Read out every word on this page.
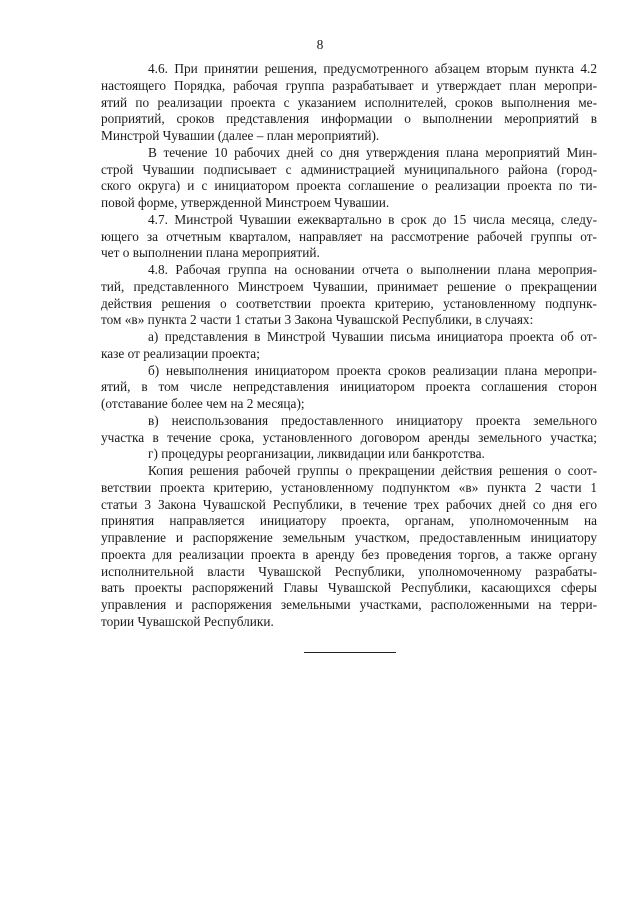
8
4.6. При принятии решения, предусмотренного абзацем вторым пункта 4.2
настоящего Порядка, рабочая группа разрабатывает и утверждает план меропри-
ятий по реализации проекта с указанием исполнителей, сроков выполнения ме-
роприятий, сроков представления информации о выполнении мероприятий в
Минстрой Чувашии (далее – план мероприятий).
В течение 10 рабочих дней со дня утверждения плана мероприятий Мин-
строй Чувашии подписывает с администрацией муниципального района (город-
ского округа) и с инициатором проекта соглашение о реализации проекта по ти-
повой форме, утвержденной Минстроем Чувашии.
4.7. Минстрой Чувашии ежеквартально в срок до 15 числа месяца, следу-
ющего за отчетным кварталом, направляет на рассмотрение рабочей группы от-
чет о выполнении плана мероприятий.
4.8. Рабочая группа на основании отчета о выполнении плана мероприя-
тий, представленного Минстроем Чувашии, принимает решение о прекращении
действия решения о соответствии проекта критерию, установленному подпунк-
том «в» пункта 2 части 1 статьи 3 Закона Чувашской Республики, в случаях:
а) представления в Минстрой Чувашии письма инициатора проекта об от-
казе от реализации проекта;
б) невыполнения инициатором проекта сроков реализации плана меропри-
ятий, в том числе непредставления инициатором проекта соглашения сторон
(отставание более чем на 2 месяца);
в) неиспользования предоставленного инициатору проекта земельного
участка в течение срока, установленного договором аренды земельного участка;
г) процедуры реорганизации, ликвидации или банкротства.
Копия решения рабочей группы о прекращении действия решения о соот-
ветствии проекта критерию, установленному подпунктом «в» пункта 2 части 1
статьи 3 Закона Чувашской Республики, в течение трех рабочих дней со дня его
принятия направляется инициатору проекта, органам, уполномоченным на
управление и распоряжение земельным участком, предоставленным инициатору
проекта для реализации проекта в аренду без проведения торгов, а также органу
исполнительной власти Чувашской Республики, уполномоченному разрабаты-
вать проекты распоряжений Главы Чувашской Республики, касающихся сферы
управления и распоряжения земельными участками, расположенными на терри-
тории Чувашской Республики.
